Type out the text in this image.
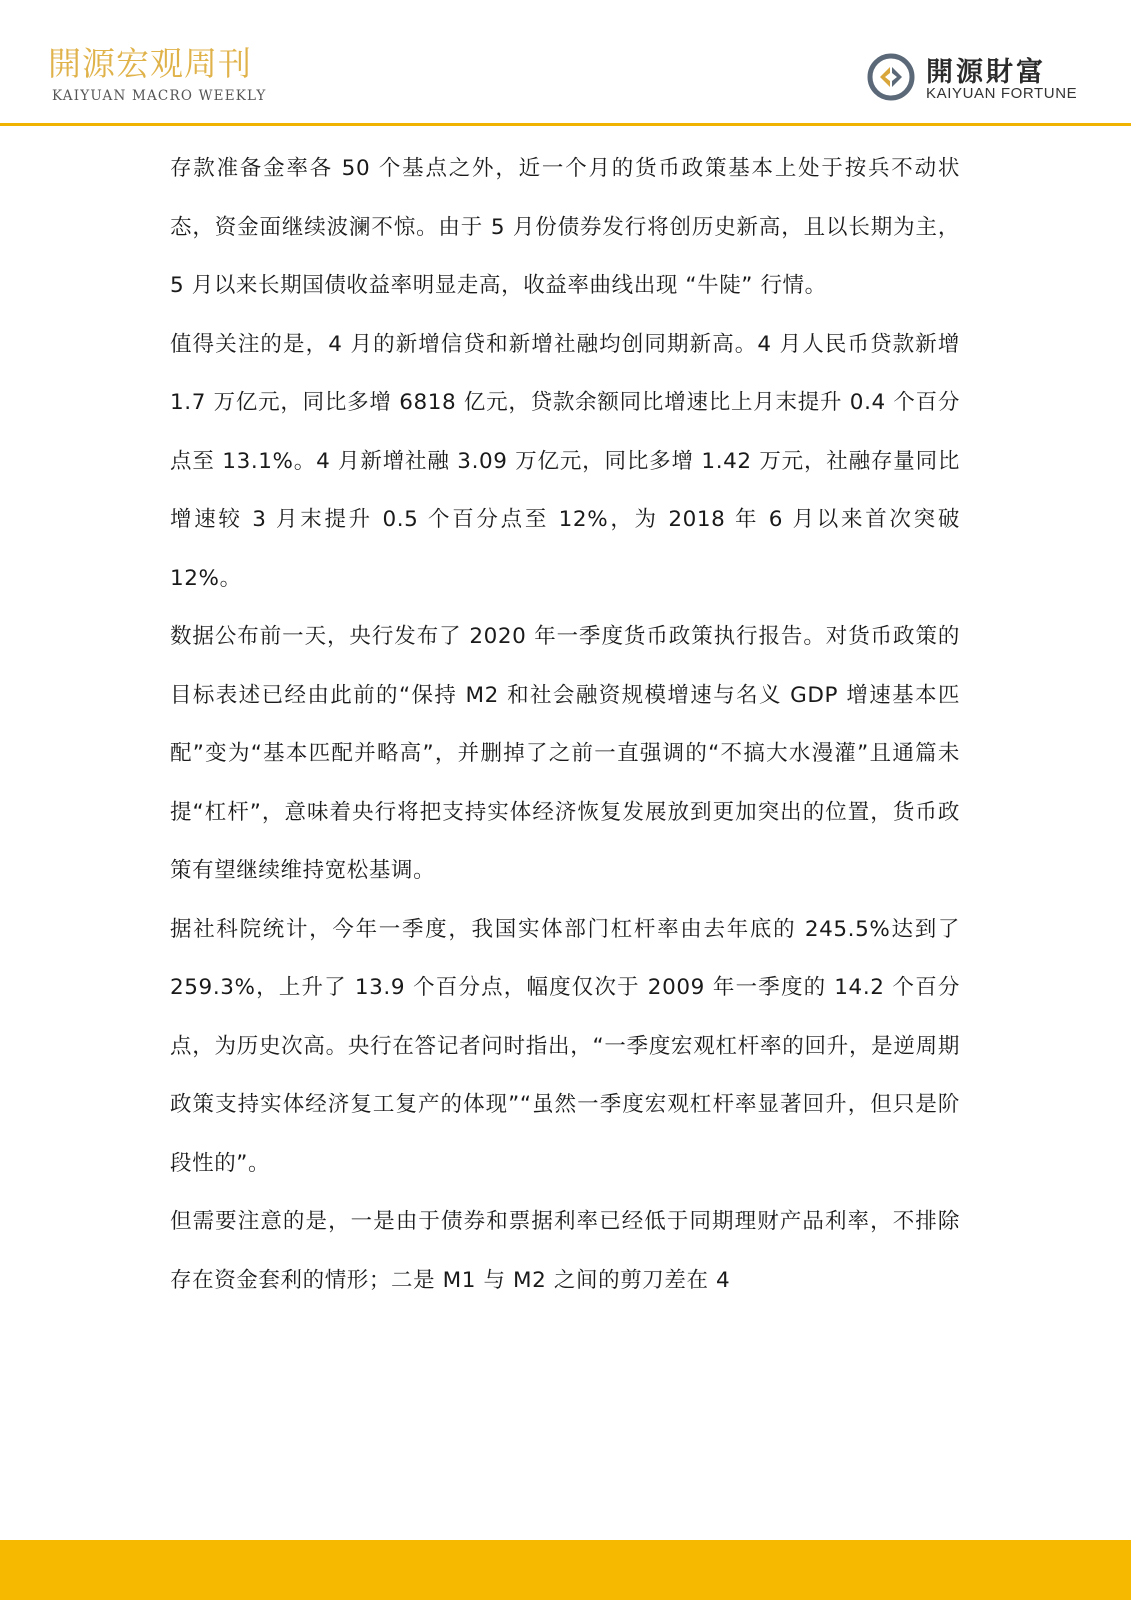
開源宏观周刊
KAIYUAN MACRO WEEKLY
開源財富
KAIYUAN FORTUNE

存款准备金率各 50 个基点之外，近一个月的货币政策基本上处于按兵不动状态，资金面继续波澜不惊。由于 5 月份债券发行将创历史新高，且以长期为主，5 月以来长期国债收益率明显走高，收益率曲线出现 “牛陡” 行情。

值得关注的是，4 月的新增信贷和新增社融均创同期新高。4 月人民币贷款新增 1.7 万亿元，同比多增 6818 亿元，贷款余额同比增速比上月末提升 0.4 个百分点至 13.1%。4 月新增社融 3.09 万亿元，同比多增 1.42 万元，社融存量同比增速较 3 月末提升 0.5 个百分点至 12%，为 2018 年 6 月以来首次突破 12%。

数据公布前一天，央行发布了 2020 年一季度货币政策执行报告。对货币政策的目标表述已经由此前的“保持 M2 和社会融资规模增速与名义 GDP 增速基本匹配”变为“基本匹配并略高”，并删掉了之前一直强调的“不搞大水漫灌”且通篇未提“杠杆”，意味着央行将把支持实体经济恢复发展放到更加突出的位置，货币政策有望继续维持宽松基调。

据社科院统计，今年一季度，我国实体部门杠杆率由去年底的 245.5%达到了 259.3%，上升了 13.9 个百分点，幅度仅次于 2009 年一季度的 14.2 个百分点，为历史次高。央行在答记者问时指出，“一季度宏观杠杆率的回升，是逆周期政策支持实体经济复工复产的体现”“虽然一季度宏观杠杆率显著回升，但只是阶段性的”。

但需要注意的是，一是由于债券和票据利率已经低于同期理财产品利率，不排除存在资金套利的情形；二是 M1 与 M2 之间的剪刀差在 4
